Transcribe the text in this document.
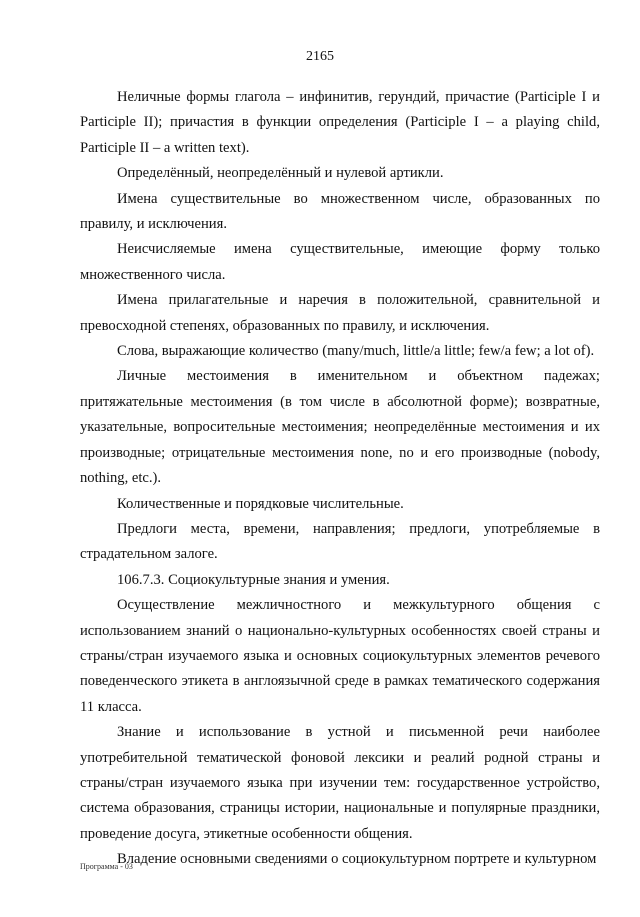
2165

Неличные формы глагола – инфинитив, герундий, причастие (Participle I и Participle II); причастия в функции определения (Participle I – a playing child, Participle II – a written text).

Определённый, неопределённый и нулевой артикли.

Имена существительные во множественном числе, образованных по правилу, и исключения.

Неисчисляемые имена существительные, имеющие форму только множественного числа.

Имена прилагательные и наречия в положительной, сравнительной и превосходной степенях, образованных по правилу, и исключения.

Слова, выражающие количество (many/much, little/a little; few/a few; a lot of).

Личные местоимения в именительном и объектном падежах; притяжательные местоимения (в том числе в абсолютной форме); возвратные, указательные, вопросительные местоимения; неопределённые местоимения и их производные; отрицательные местоимения none, no и его производные (nobody, nothing, etc.).

Количественные и порядковые числительные.

Предлоги места, времени, направления; предлоги, употребляемые в страдательном залоге.

106.7.3. Социокультурные знания и умения.

Осуществление межличностного и межкультурного общения с использованием знаний о национально-культурных особенностях своей страны и страны/стран изучаемого языка и основных социокультурных элементов речевого поведенческого этикета в англоязычной среде в рамках тематического содержания 11 класса.

Знание и использование в устной и письменной речи наиболее употребительной тематической фоновой лексики и реалий родной страны и страны/стран изучаемого языка при изучении тем: государственное устройство, система образования, страницы истории, национальные и популярные праздники, проведение досуга, этикетные особенности общения.

Владение основными сведениями о социокультурном портрете и культурном

Программа - 03
